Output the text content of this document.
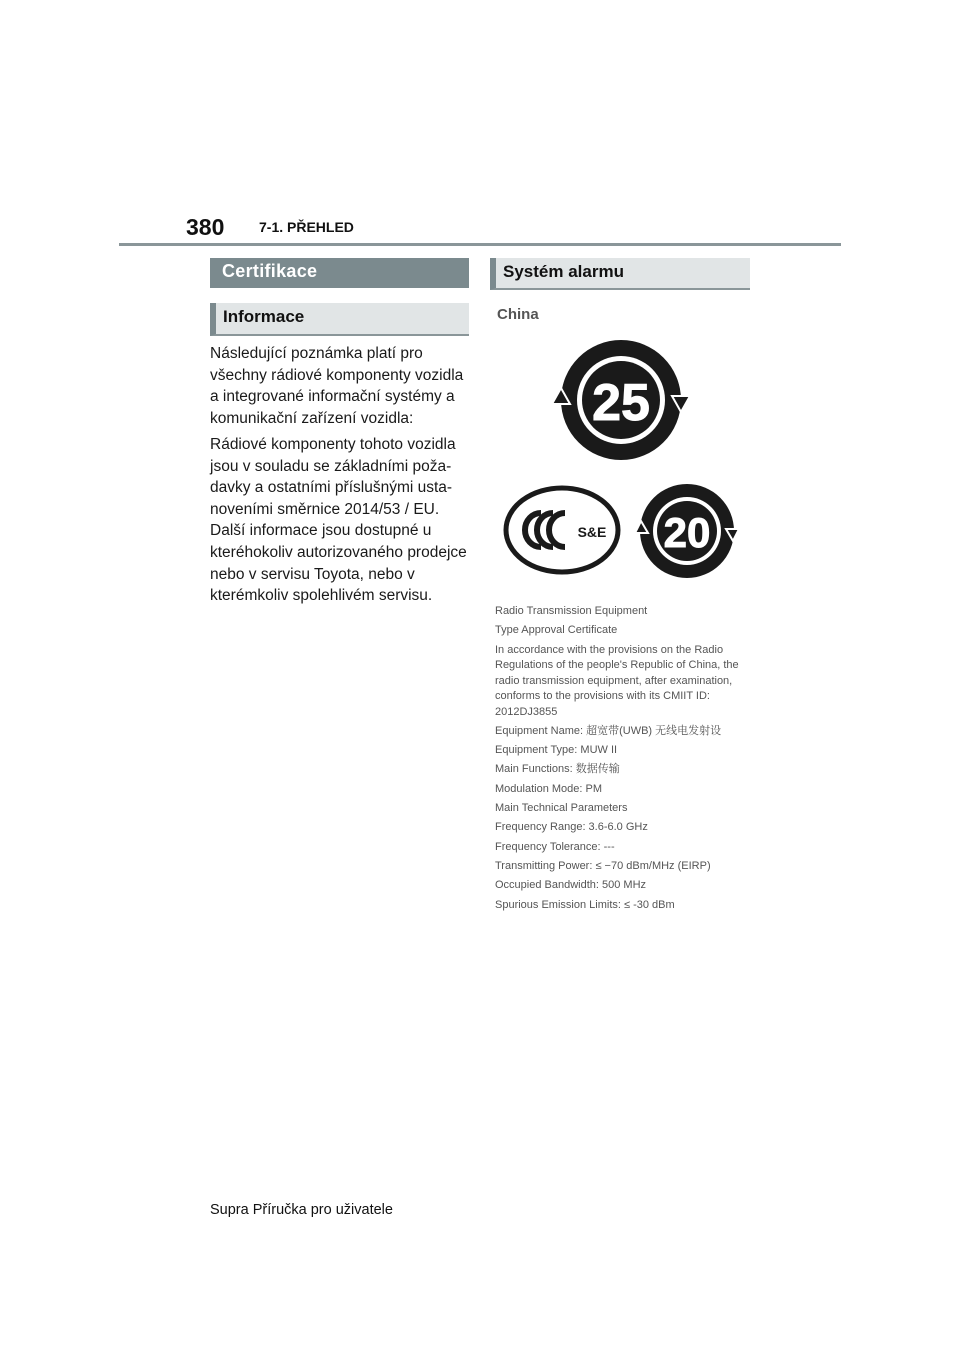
380 7-1. PŘEHLED
Certifikace
Informace
Následující poznámka platí pro všechny rádiové komponenty vozidla a integrované informační systémy a komunikační zařízení vozidla:
Rádiové komponenty tohoto vozidla jsou v souladu se základními požadavky a ostatními příslušnými ustanoveními směrnice 2014/53 / EU. Další informace jsou dostupné u kteréhokoliv autorizovaného prodejce nebo v servisu Toyota, nebo v kterémkoliv spolehlivém servisu.
Systém alarmu
China
25
S&E 20
Radio Transmission Equipment
Type Approval Certificate
In accordance with the provisions on the Radio Regulations of the people's Republic of China, the radio transmission equipment, after examination, conforms to the provisions with its CMIIT ID: 2012DJ3855
Equipment Name: 超宽带(UWB) 无线电发射设
Equipment Type: MUW II
Main Functions: 数据传输
Modulation Mode: PM
Main Technical Parameters
Frequency Range: 3.6-6.0 GHz
Frequency Tolerance: ---
Transmitting Power: ≤ −70 dBm/MHz (EIRP)
Occupied Bandwidth: 500 MHz
Spurious Emission Limits: ≤ -30 dBm
Supra Příručka pro uživatele
